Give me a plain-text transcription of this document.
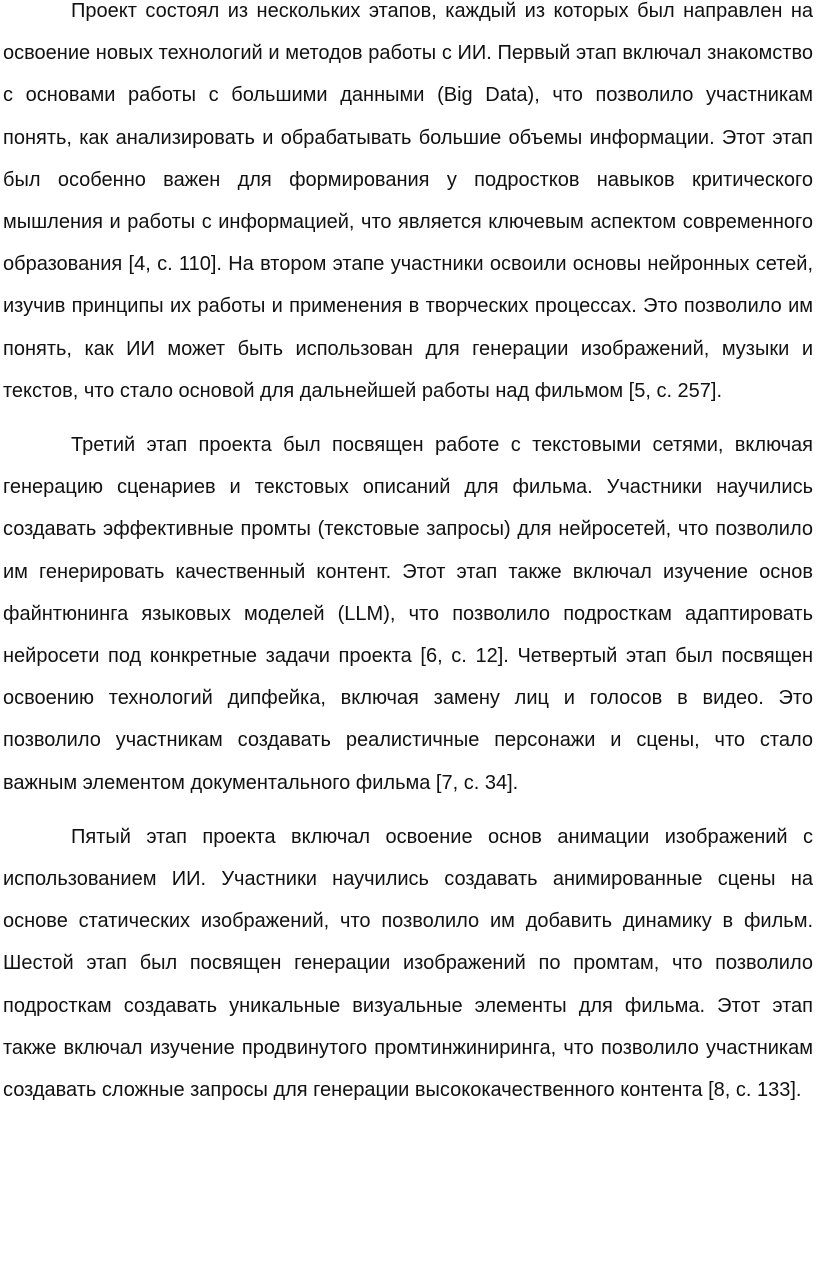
Проект состоял из нескольких этапов, каждый из которых был направлен на освоение новых технологий и методов работы с ИИ. Первый этап включал знакомство с основами работы с большими данными (Big Data), что позволило участникам понять, как анализировать и обрабатывать большие объемы информации. Этот этап был особенно важен для формирования у подростков навыков критического мышления и работы с информацией, что является ключевым аспектом современного образования [4, с. 110]. На втором этапе участники освоили основы нейронных сетей, изучив принципы их работы и применения в творческих процессах. Это позволило им понять, как ИИ может быть использован для генерации изображений, музыки и текстов, что стало основой для дальнейшей работы над фильмом [5, с. 257].

Третий этап проекта был посвящен работе с текстовыми сетями, включая генерацию сценариев и текстовых описаний для фильма. Участники научились создавать эффективные промты (текстовые запросы) для нейросетей, что позволило им генерировать качественный контент. Этот этап также включал изучение основ файнтюнинга языковых моделей (LLM), что позволило подросткам адаптировать нейросети под конкретные задачи проекта [6, с. 12]. Четвертый этап был посвящен освоению технологий дипфейка, включая замену лиц и голосов в видео. Это позволило участникам создавать реалистичные персонажи и сцены, что стало важным элементом документального фильма [7, с. 34].

Пятый этап проекта включал освоение основ анимации изображений с использованием ИИ. Участники научились создавать анимированные сцены на основе статических изображений, что позволило им добавить динамику в фильм. Шестой этап был посвящен генерации изображений по промтам, что позволило подросткам создавать уникальные визуальные элементы для фильма. Этот этап также включал изучение продвинутого промтинжиниринга, что позволило участникам создавать сложные запросы для генерации высококачественного контента [8, с. 133].
